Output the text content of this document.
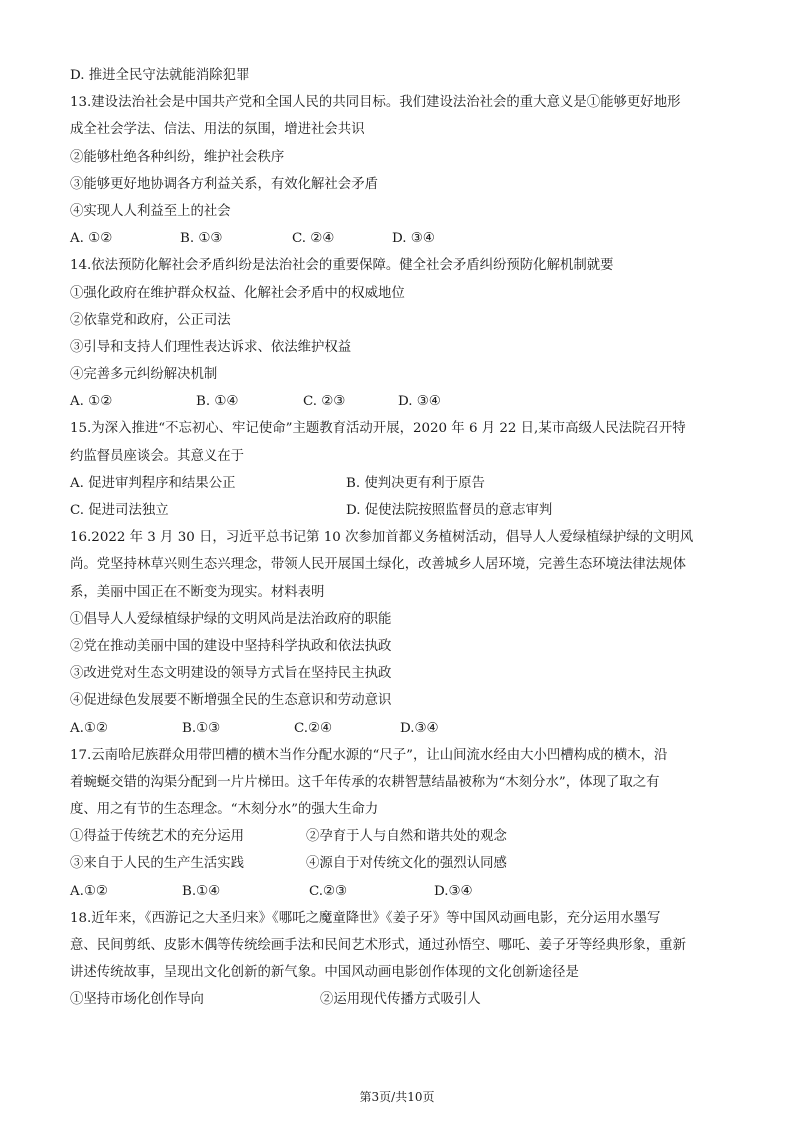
D. 推进全民守法就能消除犯罪
13.建设法治社会是中国共产党和全国人民的共同目标。我们建设法治社会的重大意义是①能够更好地形
成全社会学法、信法、用法的氛围，增进社会共识
②能够杜绝各种纠纷，维护社会秩序
③能够更好地协调各方利益关系，有效化解社会矛盾
④实现人人利益至上的社会
A. ①②	B. ①③	C. ②④	D. ③④
14.依法预防化解社会矛盾纠纷是法治社会的重要保障。健全社会矛盾纠纷预防化解机制就要
①强化政府在维护群众权益、化解社会矛盾中的权威地位
②依靠党和政府，公正司法
③引导和支持人们理性表达诉求、依法维护权益
④完善多元纠纷解决机制
A. ①②	B. ①④	C. ②③	D. ③④
15.为深入推进“不忘初心、牢记使命”主题教育活动开展，2020 年 6 月 22 日,某市高级人民法院召开特
约监督员座谈会。其意义在于
A. 促进审判程序和结果公正	B. 使判决更有利于原告
C. 促进司法独立	D. 促使法院按照监督员的意志审判
16.2022 年 3 月 30 日，习近平总书记第 10 次参加首都义务植树活动，倡导人人爱绿植绿护绿的文明风
尚。党坚持林草兴则生态兴理念，带领人民开展国土绿化，改善城乡人居环境，完善生态环境法律法规体
系，美丽中国正在不断变为现实。材料表明
①倡导人人爱绿植绿护绿的文明风尚是法治政府的职能
②党在推动美丽中国的建设中坚持科学执政和依法执政
③改进党对生态文明建设的领导方式旨在坚持民主执政
④促进绿色发展要不断增强全民的生态意识和劳动意识
A.①②	B.①③	C.②④	D.③④
17.云南哈尼族群众用带凹槽的横木当作分配水源的“尺子”，让山间流水经由大小凹槽构成的横木，沿
着蜿蜒交错的沟渠分配到一片片梯田。这千年传承的农耕智慧结晶被称为“木刻分水”，体现了取之有
度、用之有节的生态理念。“木刻分水”的强大生命力
①得益于传统艺术的充分运用	②孕育于人与自然和谐共处的观念
③来自于人民的生产生活实践	④源自于对传统文化的强烈认同感
A.①②	B.①④	C.②③	D.③④
18.近年来，《西游记之大圣归来》《哪吒之魔童降世》《姜子牙》等中国风动画电影，充分运用水墨写
意、民间剪纸、皮影木偶等传统绘画手法和民间艺术形式，通过孙悟空、哪吒、姜子牙等经典形象，重新
讲述传统故事，呈现出文化创新的新气象。中国风动画电影创作体现的文化创新途径是
①坚持市场化创作导向	②运用现代传播方式吸引人
第3页/共10页
